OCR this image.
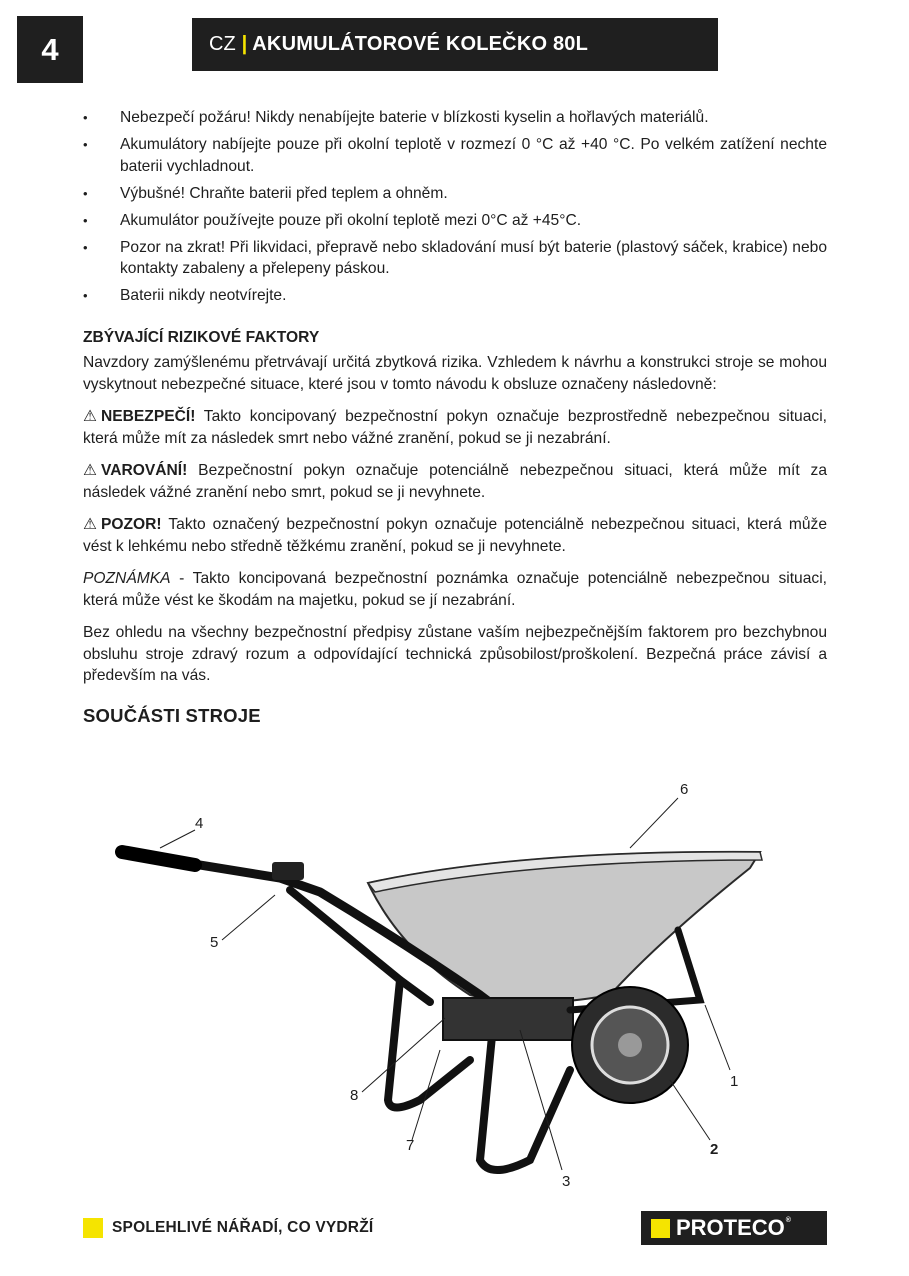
4	CZ | AKUMULÁTOROVÉ KOLEČKO 80L
• Nebezpečí požáru! Nikdy nenabíjejte baterie v blízkosti kyselin a hořlavých materiálů.
• Akumulátory nabíjejte pouze při okolní teplotě v rozmezí 0 °C až +40 °C. Po velkém zatížení nechte baterii vychladnout.
• Výbušné! Chraňte baterii před teplem a ohněm.
• Akumulátor používejte pouze při okolní teplotě mezi 0°C až +45°C.
• Pozor na zkrat! Při likvidaci, přepravě nebo skladování musí být baterie (plastový sáček, krabice) nebo kontakty zabaleny a přelepeny páskou.
• Baterii nikdy neotvírejte.
ZBÝVAJÍCÍ RIZIKOVÉ FAKTORY

Navzdory zamýšlenému přetrvávají určitá zbytková rizika. Vzhledem k návrhu a konstrukci stroje se mohou vyskytnout nebezpečné situace, které jsou v tomto návodu k obsluze označeny následovně:

⚠ NEBEZPEČÍ! Takto koncipovaný bezpečnostní pokyn označuje bezprostředně nebezpečnou situaci, která může mít za následek smrt nebo vážné zranění, pokud se ji nezabrání.

⚠ VAROVÁNÍ! Bezpečnostní pokyn označuje potenciálně nebezpečnou situaci, která může mít za následek vážné zranění nebo smrt, pokud se ji nevyhnete.

⚠ POZOR! Takto označený bezpečnostní pokyn označuje potenciálně nebezpečnou situaci, která může vést k lehkému nebo středně těžkému zranění, pokud se ji nevyhnete.

POZNÁMKA - Takto koncipovaná bezpečnostní poznámka označuje potenciálně nebezpečnou situaci, která může vést ke škodám na majetku, pokud se jí nezabrání.

Bez ohledu na všechny bezpečnostní předpisy zůstane vaším nejbezpečnějším faktorem pro bezchybnou obsluhu stroje zdravý rozum a odpovídající technická způsobilost/proškolení. Bezpečná práce závisí a především na vás.

SOUČÁSTI STROJE
1
2
3
4
5
6
7
8
SPOLEHLIVÉ NÁŘADÍ, CO VYDRŽÍ	PROTECO®
